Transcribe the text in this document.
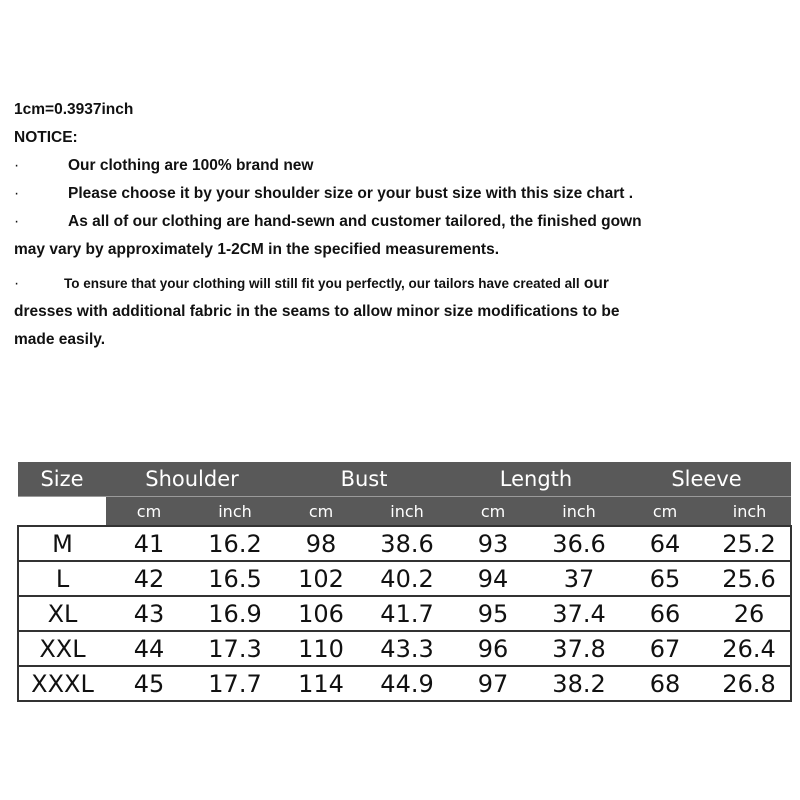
1cm=0.3937inch
NOTICE:
·	Our clothing are 100% brand new
·	Please choose it by your shoulder size or your bust size with this size chart .
·	As all of our clothing are hand-sewn and customer tailored, the finished gown
may vary by approximately 1-2CM in the specified measurements.
·	To ensure that your clothing will still fit you perfectly, our tailors have created all our
dresses with additional fabric in the seams to allow minor size modifications to be
made easily.
Size	Shoulder		Bust		Length		Sleeve	
	cm	inch	cm	inch	cm	inch	cm	inch
M	41	16.2	98	38.6	93	36.6	64	25.2
L	42	16.5	102	40.2	94	37	65	25.6
XL	43	16.9	106	41.7	95	37.4	66	26
XXL	44	17.3	110	43.3	96	37.8	67	26.4
XXXL	45	17.7	114	44.9	97	38.2	68	26.8
